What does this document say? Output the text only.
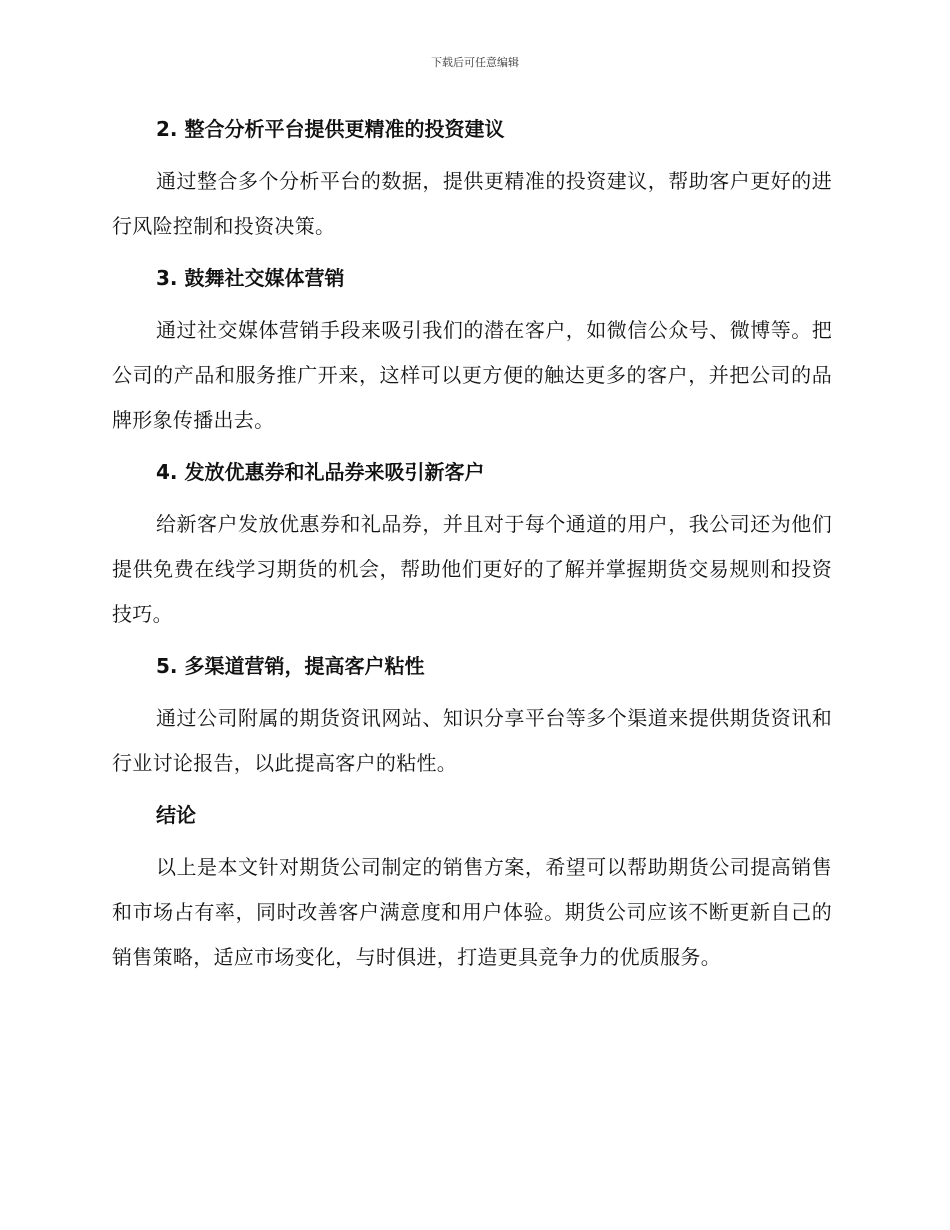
下载后可任意编辑
2. 整合分析平台提供更精准的投资建议
通过整合多个分析平台的数据，提供更精准的投资建议，帮助客户更好的进行风险控制和投资决策。
3. 鼓舞社交媒体营销
通过社交媒体营销手段来吸引我们的潜在客户，如微信公众号、微博等。把公司的产品和服务推广开来，这样可以更方便的触达更多的客户，并把公司的品牌形象传播出去。
4. 发放优惠券和礼品券来吸引新客户
给新客户发放优惠券和礼品券，并且对于每个通道的用户，我公司还为他们提供免费在线学习期货的机会，帮助他们更好的了解并掌握期货交易规则和投资技巧。
5. 多渠道营销，提高客户粘性
通过公司附属的期货资讯网站、知识分享平台等多个渠道来提供期货资讯和行业讨论报告，以此提高客户的粘性。
结论
以上是本文针对期货公司制定的销售方案，希望可以帮助期货公司提高销售和市场占有率，同时改善客户满意度和用户体验。期货公司应该不断更新自己的销售策略，适应市场变化，与时俱进，打造更具竞争力的优质服务。
